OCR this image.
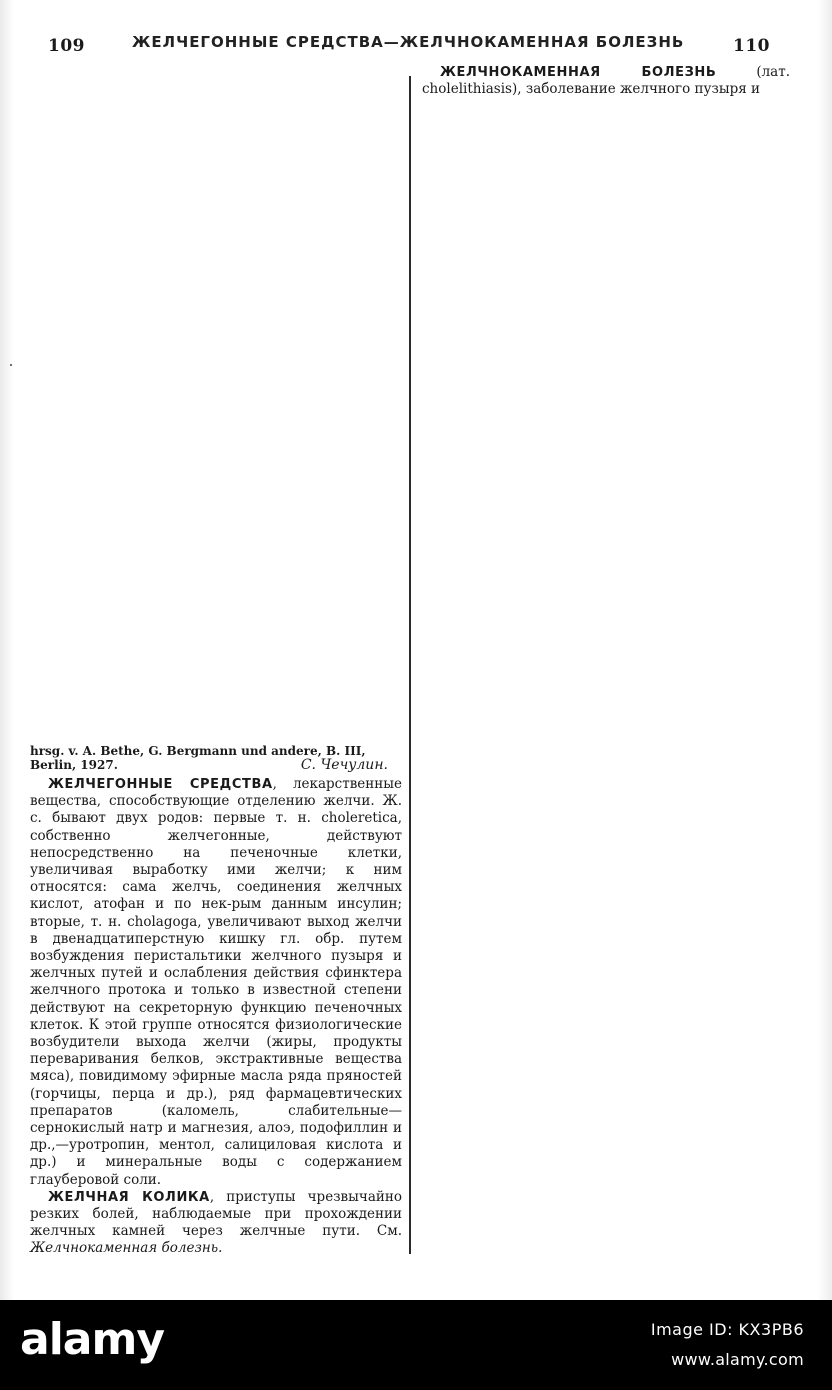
109	ЖЕЛЧЕГОННЫЕ СРЕДСТВА—ЖЕЛЧНОКАМЕННАЯ БОЛЕЗНЬ	110

ЖЕЛЧНОКАМЕННАЯ БОЛЕЗНЬ (лат. cholelithiasis), заболевание желчного пузыря и

hrsg. v. A. Bethe, G. Bergmann und andere, B. III,

Berlin, 1927.	С. Чечулин.

ЖЕЛЧЕГОННЫЕ СРЕДСТВА, лекарственные вещества, способствующие отделению желчи. Ж. с. бывают двух родов: первые т. н. choleretica, собственно желчегонные, действуют непосредственно на печеночные клетки, увеличивая выработку ими желчи; к ним относятся: сама желчь, соединения желчных кислот, атофан и по нек-рым данным инсулин; вторые, т. н. cholagoga, увеличивают выход желчи в двенадцатиперстную кишку гл. обр. путем возбуждения перистальтики желчного пузыря и желчных путей и ослабления действия сфинктера желчного протока и только в известной степени действуют на секреторную функцию печеночных клеток. К этой группе относятся физиологические возбудители выхода желчи (жиры, продукты переваривания белков, экстрактивные вещества мяса), повидимому эфирные масла ряда пряностей (горчицы, перца и др.), ряд фармацевтических препаратов (каломель, слабительные—сернокислый натр и магнезия, алоэ, подофиллин и др.,—уротропин, ментол, салициловая кислота и др.) и минеральные воды с содержанием глауберовой соли.

ЖЕЛЧНАЯ КОЛИКА, приступы чрезвычайно резких болей, наблюдаемые при прохождении желчных камней через желчные пути. См. Желчнокаменная болезнь.

alamy	Image ID: KX3PB6
www.alamy.com
